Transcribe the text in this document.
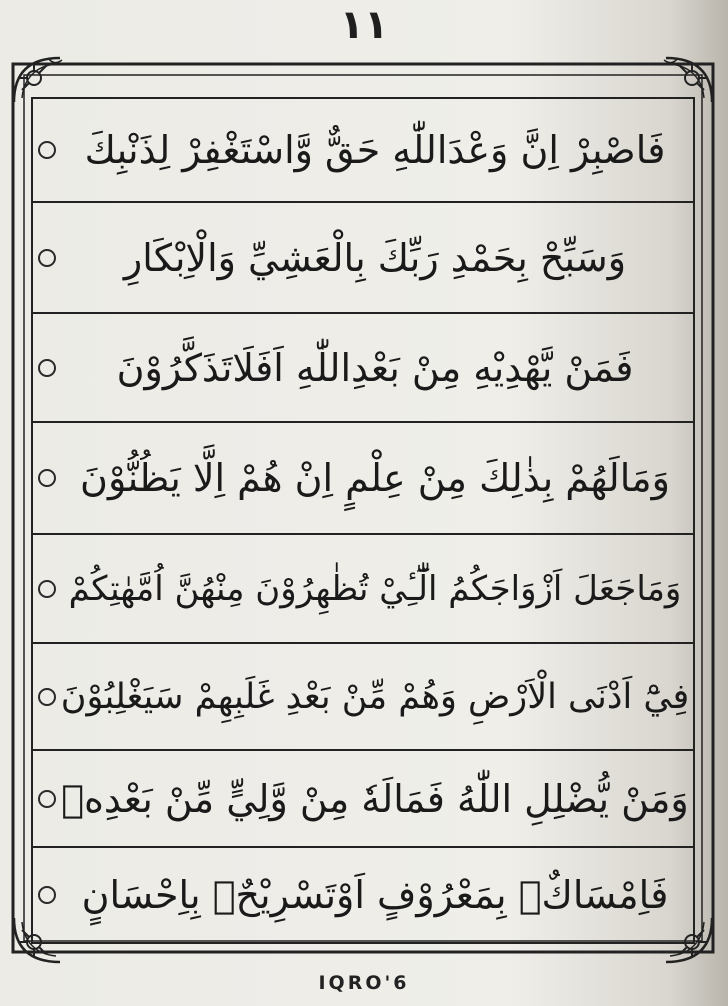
١١
فَاصْبِرْ اِنَّ وَعْدَاللّٰهِ حَقٌّ وَّاسْتَغْفِرْ لِذَنْبِكَ
وَسَبِّحْ بِحَمْدِ رَبِّكَ بِالْعَشِيِّ وَالْاِبْكَارِ
فَمَنْ يَّهْدِيْهِ مِنْ بَعْدِاللّٰهِ اَفَلَاتَذَكَّرُوْنَ
وَمَالَهُمْ بِذٰلِكَ مِنْ عِلْمٍ اِنْ هُمْ اِلَّا يَظُنُّوْنَ
وَمَاجَعَلَ اَزْوَاجَكُمُ الّٰٓـِٔيْ تُظٰهِرُوْنَ مِنْهُنَّ اُمَّهٰتِكُمْ
فِيْٓ اَدْنَى الْاَرْضِ وَهُمْ مِّنْ بَعْدِ غَلَبِهِمْ سَيَغْلِبُوْنَ
وَمَنْ يُّضْلِلِ اللّٰهُ فَمَالَهٗ مِنْ وَّلِيٍّ مِّنْ بَعْدِهٖ
فَاِمْسَاكٌۢ بِمَعْرُوْفٍ اَوْتَسْرِيْحٌۢ بِاِحْسَانٍ
IQRO'6
